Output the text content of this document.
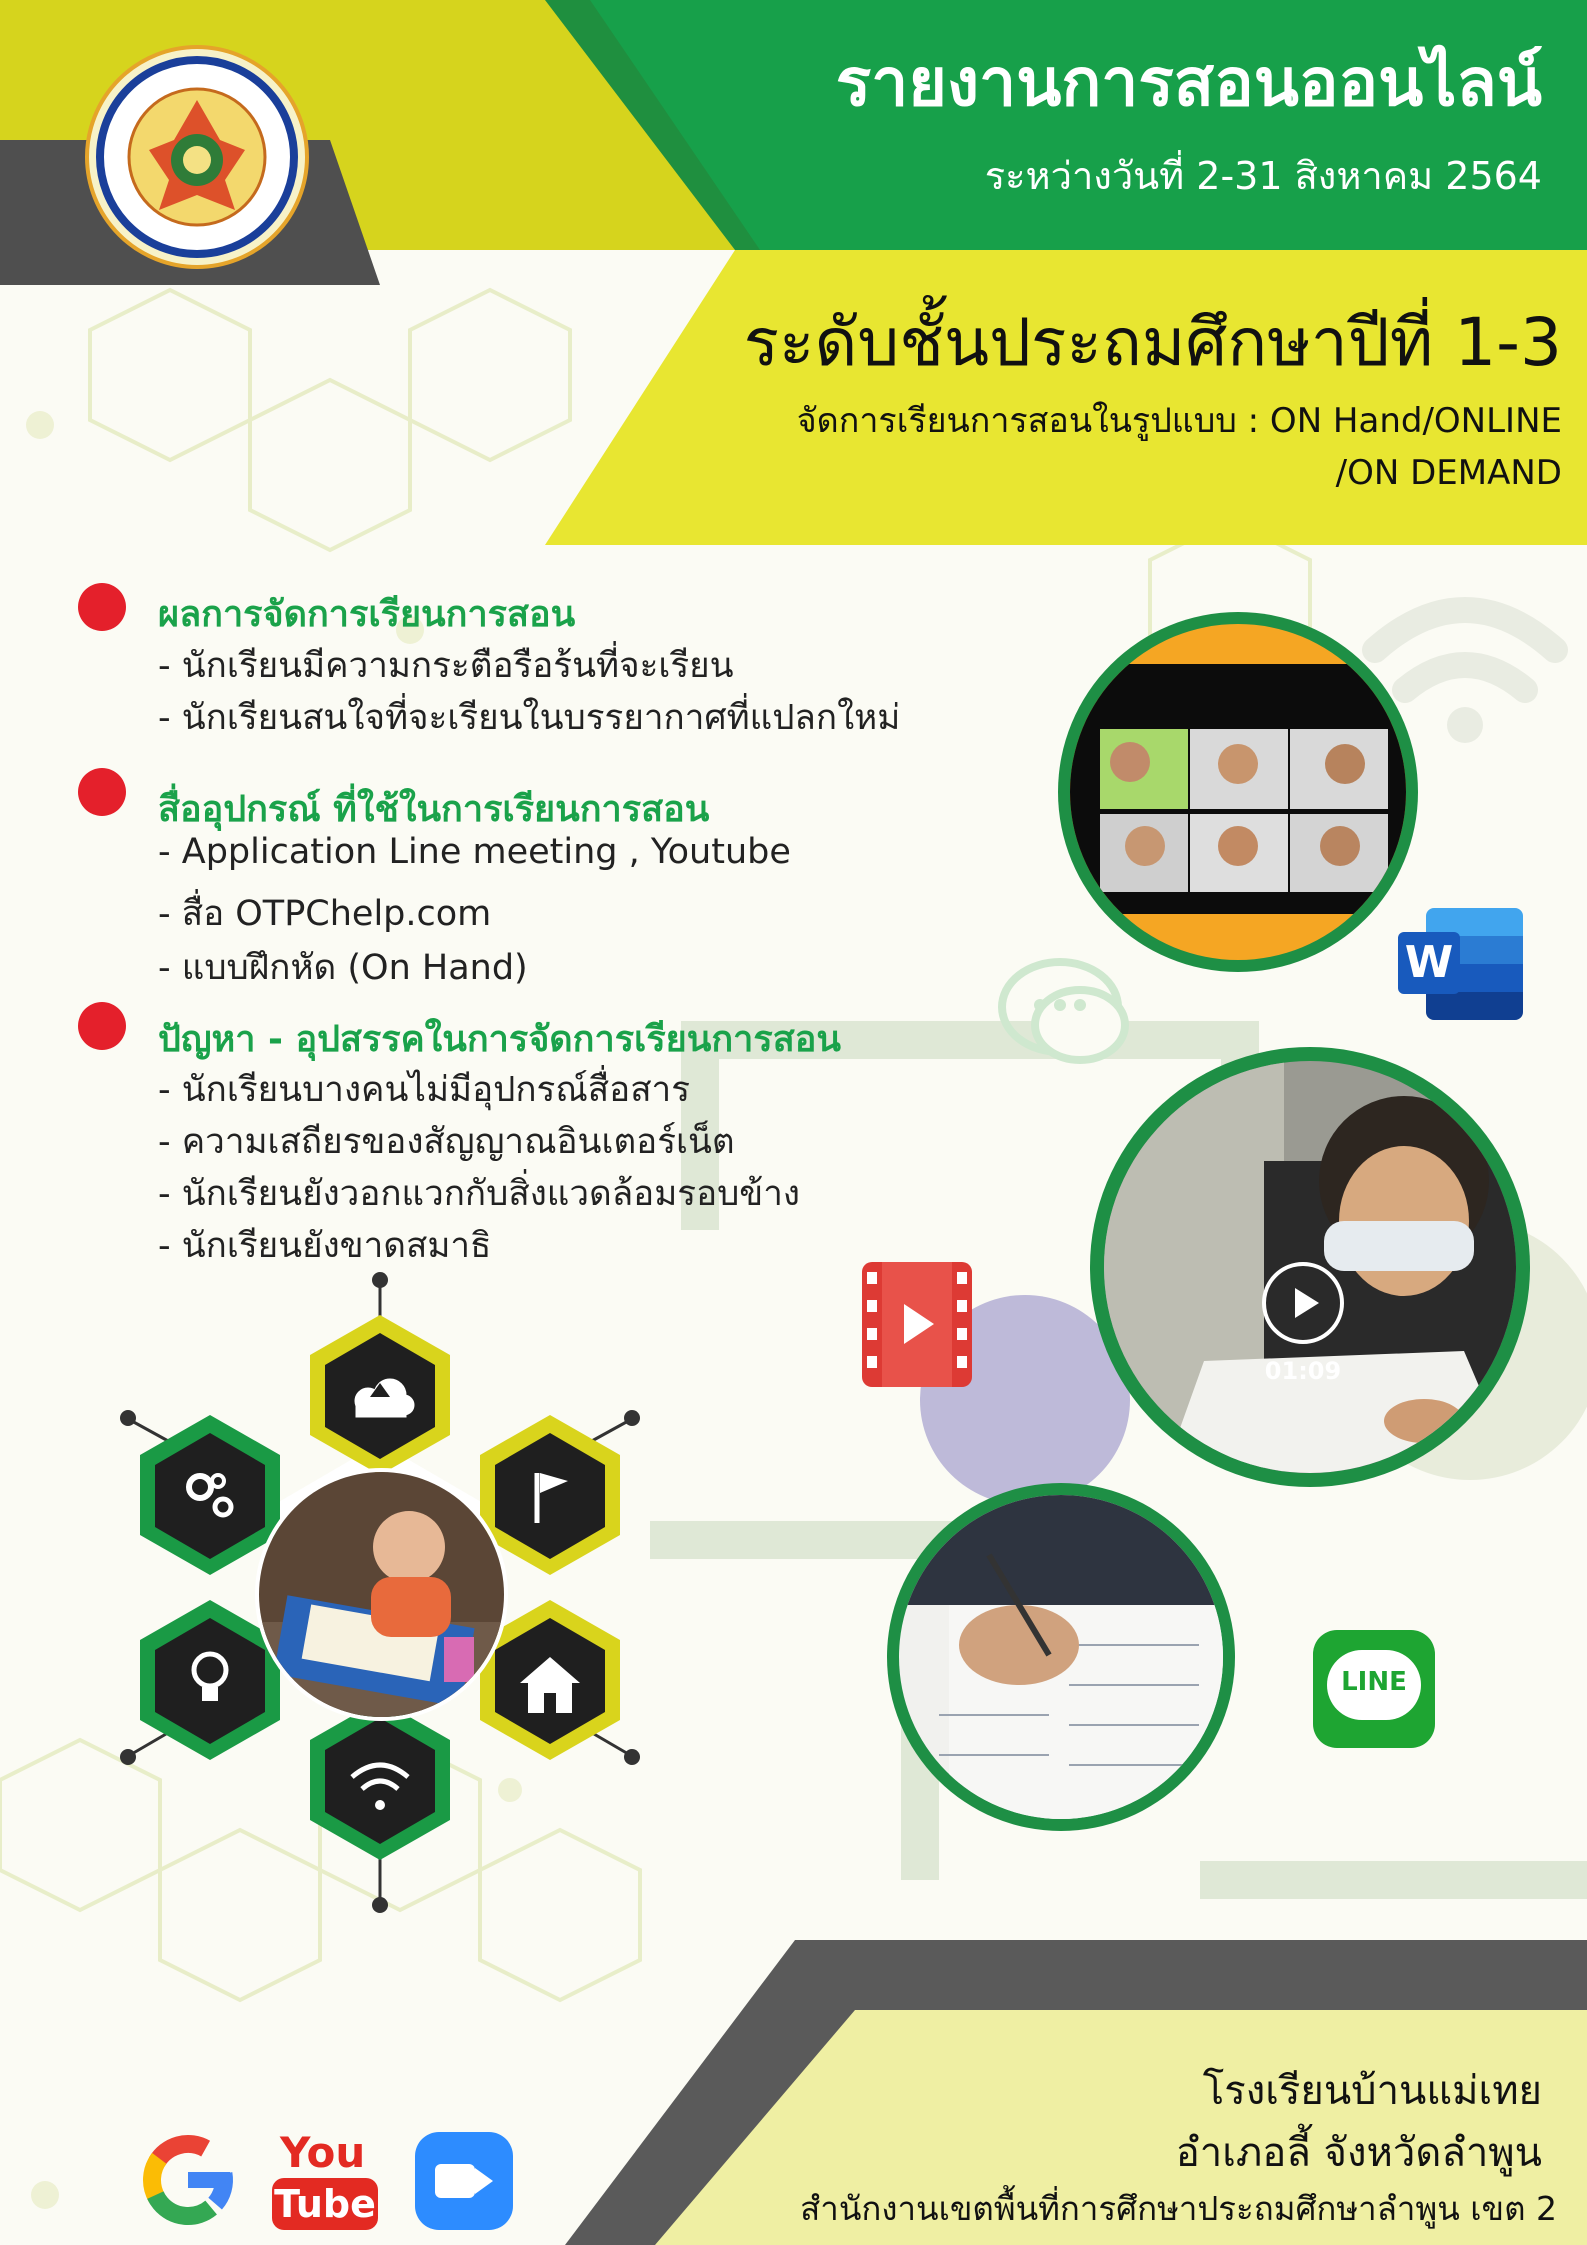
รายงานการสอนออนไลน์
ระหว่างวันที่ 2-31 สิงหาคม 2564
ระดับชั้นประถมศึกษาปีที่ 1-3
จัดการเรียนการสอนในรูปแบบ : ON Hand/ONLINE
/ON DEMAND
ผลการจัดการเรียนการสอน
- นักเรียนมีความกระตือรือร้นที่จะเรียน
- นักเรียนสนใจที่จะเรียนในบรรยากาศที่แปลกใหม่
สื่ออุปกรณ์ ที่ใช้ในการเรียนการสอน
- Application Line meeting , Youtube
- สื่อ OTPChelp.com
- แบบฝึกหัด (On Hand)
ปัญหา - อุปสรรคในการจัดการเรียนการสอน
- นักเรียนบางคนไม่มีอุปกรณ์สื่อสาร
- ความเสถียรของสัญญาณอินเตอร์เน็ต
- นักเรียนยังวอกแวกกับสิ่งแวดล้อมรอบข้าง
- นักเรียนยังขาดสมาธิ
W
01:09
LINE
โรงเรียนบ้านแม่เทย
อำเภอลี้ จังหวัดลำพูน
สำนักงานเขตพื้นที่การศึกษาประถมศึกษาลำพูน เขต 2
You
Tube
